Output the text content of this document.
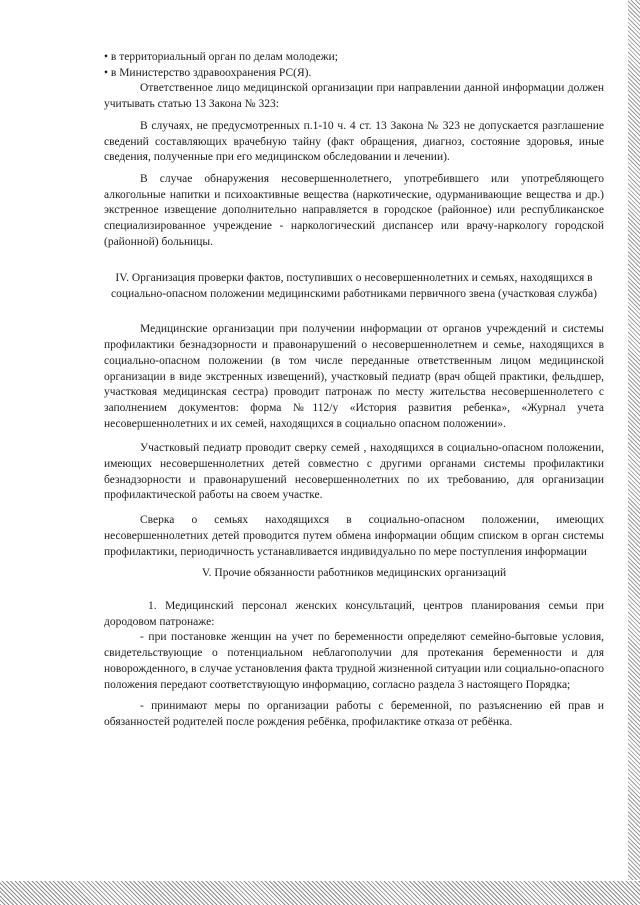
• в территориальный орган по делам молодежи;

• в Министерство здравоохранения РС(Я).

Ответственное лицо медицинской организации при направлении данной информации должен учитывать статью 13 Закона № 323:

В случаях, не предусмотренных п.1-10 ч. 4 ст. 13 Закона № 323 не допускается разглашение сведений составляющих врачебную тайну (факт обращения, диагноз, состояние здоровья, иные сведения, полученные при его медицинском обследовании и лечении).

В случае обнаружения несовершеннолетнего, употребившего или употребляющего алкогольные напитки и психоактивные вещества (наркотические, одурманивающие вещества и др.) экстренное извещение дополнительно направляется в городское (районное) или республиканское специализированное учреждение - наркологический диспансер или врачу-наркологу городской (районной) больницы.

IV. Организация проверки фактов, поступивших о несовершеннолетних и семьях, находящихся в социально-опасном положении медицинскими работниками первичного звена (участковая служба)

Медицинские организации при получении информации от органов учреждений и системы профилактики безнадзорности и правонарушений о несовершеннолетнем и семье, находящихся в социально-опасном положении (в том числе переданные ответственным лицом медицинской организации в виде экстренных извещений), участковый педиатр (врач общей практики, фельдшер, участковая медицинская сестра) проводит патронаж по месту жительства несовершеннолетего с заполнением документов: форма №112/у «История развития ребенка», «Журнал учета несовершеннолетних и их семей, находящихся в социально опасном положении».

Участковый педиатр проводит сверку семей , находящихся в социально-опасном положении, имеющих несовершеннолетних детей совместно с другими органами системы профилактики безнадзорности и правонарушений несовершеннолетних по их требованию, для организации профилактической работы на своем участке.

Сверка о семьях находящихся в социально-опасном положении, имеющих несовершеннолетних детей проводится путем обмена информации общим списком в орган системы профилактики, периодичность устанавливается индивидуально по мере поступления информации

V. Прочие обязанности работников медицинских организаций

1. Медицинский персонал женских консультаций, центров планирования семьи при дородовом патронаже:

- при постановке женщин на учет по беременности определяют семейно-бытовые условия, свидетельствующие о потенциальном неблагополучии для протекания беременности и для новорожденного, в случае установления факта трудной жизненной ситуации или социально-опасного положения передают соответствующую информацию, согласно раздела 3 настоящего Порядка;

- принимают меры по организации работы с беременной, по разъяснению ей прав и обязанностей родителей после рождения ребёнка, профилактике отказа от ребёнка.
